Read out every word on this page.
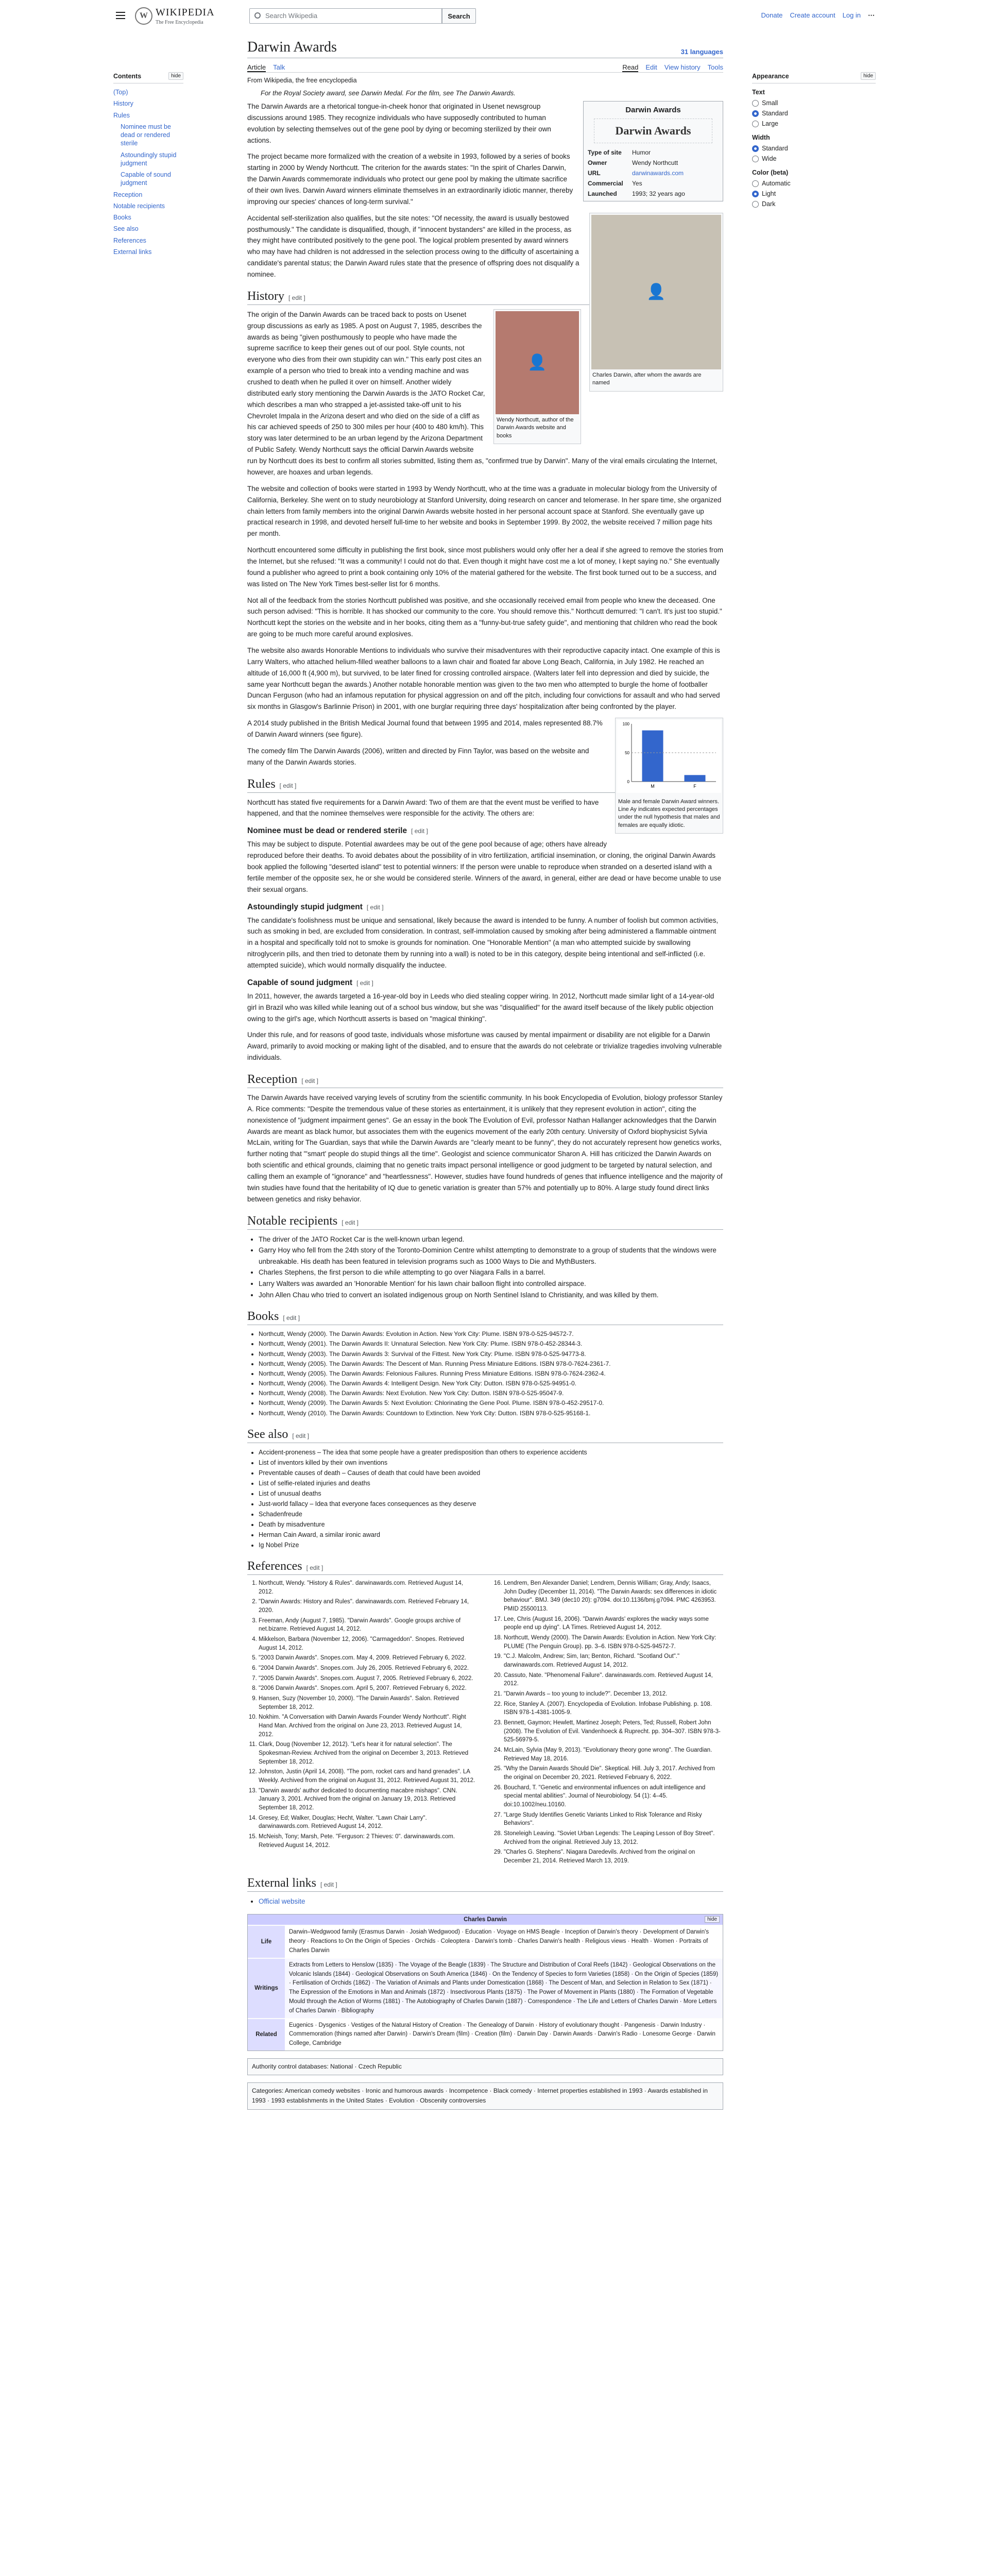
W WIKIPEDIA
The Free Encyclopedia
Search Wikipedia	Search	Donate Create account Log in ⋯
Contents	hide
(Top)
History
Rules
Nominee must be dead or rendered sterile
Astoundingly stupid judgment
Capable of sound judgment
Reception
Notable recipients
Books
See also
References
External links
Appearance	hide
Text
Small
Standard
Large
Width
Standard
Wide
Color (beta)
Automatic
Light
Dark
Darwin Awards	31 languages
Article Talk	Read Edit View history Tools
From Wikipedia, the free encyclopedia
For the Royal Society award, see Darwin Medal. For the film, see The Darwin Awards.
Darwin Awards
Darwin Awards
Type of site	Humor
Owner	Wendy Northcutt
URL	darwinawards.com
Commercial	Yes
Launched	1993; 32 years ago

The Darwin Awards are a rhetorical tongue-in-cheek honor that originated in Usenet newsgroup discussions around 1985. They recognize individuals who have supposedly contributed to human evolution by selecting themselves out of the gene pool by dying or becoming sterilized by their own actions.

The project became more formalized with the creation of a website in 1993, followed by a series of books starting in 2000 by Wendy Northcutt. The criterion for the awards states: "In the spirit of Charles Darwin, the Darwin Awards commemorate individuals who protect our gene pool by making the ultimate sacrifice of their own lives. Darwin Award winners eliminate themselves in an extraordinarily idiotic manner, thereby improving our species' chances of long-term survival."

👤
Charles Darwin, after whom the awards are named

Accidental self-sterilization also qualifies, but the site notes: "Of necessity, the award is usually bestowed posthumously." The candidate is disqualified, though, if "innocent bystanders" are killed in the process, as they might have contributed positively to the gene pool. The logical problem presented by award winners who may have had children is not addressed in the selection process owing to the difficulty of ascertaining a candidate's parental status; the Darwin Award rules state that the presence of offspring does not disqualify a nominee.

History [ edit ]
👤
Wendy Northcutt, author of the Darwin Awards website and books

The origin of the Darwin Awards can be traced back to posts on Usenet group discussions as early as 1985. A post on August 7, 1985, describes the awards as being "given posthumously to people who have made the supreme sacrifice to keep their genes out of our pool. Style counts, not everyone who dies from their own stupidity can win." This early post cites an example of a person who tried to break into a vending machine and was crushed to death when he pulled it over on himself. Another widely distributed early story mentioning the Darwin Awards is the JATO Rocket Car, which describes a man who strapped a jet-assisted take-off unit to his Chevrolet Impala in the Arizona desert and who died on the side of a cliff as his car achieved speeds of 250 to 300 miles per hour (400 to 480 km/h). This story was later determined to be an urban legend by the Arizona Department of Public Safety. Wendy Northcutt says the official Darwin Awards website run by Northcutt does its best to confirm all stories submitted, listing them as, "confirmed true by Darwin". Many of the viral emails circulating the Internet, however, are hoaxes and urban legends.

The website and collection of books were started in 1993 by Wendy Northcutt, who at the time was a graduate in molecular biology from the University of California, Berkeley. She went on to study neurobiology at Stanford University, doing research on cancer and telomerase. In her spare time, she organized chain letters from family members into the original Darwin Awards website hosted in her personal account space at Stanford. She eventually gave up practical research in 1998, and devoted herself full-time to her website and books in September 1999. By 2002, the website received 7 million page hits per month.

Northcutt encountered some difficulty in publishing the first book, since most publishers would only offer her a deal if she agreed to remove the stories from the Internet, but she refused: "It was a community! I could not do that. Even though it might have cost me a lot of money, I kept saying no." She eventually found a publisher who agreed to print a book containing only 10% of the material gathered for the website. The first book turned out to be a success, and was listed on The New York Times best-seller list for 6 months.

Not all of the feedback from the stories Northcutt published was positive, and she occasionally received email from people who knew the deceased. One such person advised: "This is horrible. It has shocked our community to the core. You should remove this." Northcutt demurred: "I can't. It's just too stupid." Northcutt kept the stories on the website and in her books, citing them as a "funny-but-true safety guide", and mentioning that children who read the book are going to be much more careful around explosives.

The website also awards Honorable Mentions to individuals who survive their misadventures with their reproductive capacity intact. One example of this is Larry Walters, who attached helium-filled weather balloons to a lawn chair and floated far above Long Beach, California, in July 1982. He reached an altitude of 16,000 ft (4,900 m), but survived, to be later fined for crossing controlled airspace. (Walters later fell into depression and died by suicide, the same year Northcutt began the awards.) Another notable honorable mention was given to the two men who attempted to burgle the home of footballer Duncan Ferguson (who had an infamous reputation for physical aggression on and off the pitch, including four convictions for assault and who had served six months in Glasgow's Barlinnie Prison) in 2001, with one burglar requiring three days' hospitalization after being confronted by the player.

0
50
100
M	F
Male and female Darwin Award winners. Line Ay indicates expected percentages under the null hypothesis that males and females are equally idiotic.

A 2014 study published in the British Medical Journal found that between 1995 and 2014, males represented 88.7% of Darwin Award winners (see figure).

The comedy film The Darwin Awards (2006), written and directed by Finn Taylor, was based on the website and many of the Darwin Awards stories.

Rules [ edit ]

Northcutt has stated five requirements for a Darwin Award: Two of them are that the event must be verified to have happened, and that the nominee themselves were responsible for the activity. The others are:

Nominee must be dead or rendered sterile [ edit ]

This may be subject to dispute. Potential awardees may be out of the gene pool because of age; others have already reproduced before their deaths. To avoid debates about the possibility of in vitro fertilization, artificial insemination, or cloning, the original Darwin Awards book applied the following "deserted island" test to potential winners: If the person were unable to reproduce when stranded on a deserted island with a fertile member of the opposite sex, he or she would be considered sterile. Winners of the award, in general, either are dead or have become unable to use their sexual organs.

Astoundingly stupid judgment [ edit ]

The candidate's foolishness must be unique and sensational, likely because the award is intended to be funny. A number of foolish but common activities, such as smoking in bed, are excluded from consideration. In contrast, self-immolation caused by smoking after being administered a flammable ointment in a hospital and specifically told not to smoke is grounds for nomination. One "Honorable Mention" (a man who attempted suicide by swallowing nitroglycerin pills, and then tried to detonate them by running into a wall) is noted to be in this category, despite being intentional and self-inflicted (i.e. attempted suicide), which would normally disqualify the inductee.

Capable of sound judgment [ edit ]

In 2011, however, the awards targeted a 16-year-old boy in Leeds who died stealing copper wiring. In 2012, Northcutt made similar light of a 14-year-old girl in Brazil who was killed while leaning out of a school bus window, but she was "disqualified" for the award itself because of the likely public objection owing to the girl's age, which Northcutt asserts is based on "magical thinking".

Under this rule, and for reasons of good taste, individuals whose misfortune was caused by mental impairment or disability are not eligible for a Darwin Award, primarily to avoid mocking or making light of the disabled, and to ensure that the awards do not celebrate or trivialize tragedies involving vulnerable individuals.

Reception [ edit ]

The Darwin Awards have received varying levels of scrutiny from the scientific community. In his book Encyclopedia of Evolution, biology professor Stanley A. Rice comments: "Despite the tremendous value of these stories as entertainment, it is unlikely that they represent evolution in action", citing the nonexistence of "judgment impairment genes". Ge an essay in the book The Evolution of Evil, professor Nathan Hallanger acknowledges that the Darwin Awards are meant as black humor, but associates them with the eugenics movement of the early 20th century. University of Oxford biophysicist Sylvia McLain, writing for The Guardian, says that while the Darwin Awards are "clearly meant to be funny", they do not accurately represent how genetics works, further noting that "'smart' people do stupid things all the time". Geologist and science communicator Sharon A. Hill has criticized the Darwin Awards on both scientific and ethical grounds, claiming that no genetic traits impact personal intelligence or good judgment to be targeted by natural selection, and calling them an example of "ignorance" and "heartlessness". However, studies have found hundreds of genes that influence intelligence and the majority of twin studies have found that the heritability of IQ due to genetic variation is greater than 57% and potentially up to 80%. A large study found direct links between genetics and risky behavior.

Notable recipients [ edit ]
• The driver of the JATO Rocket Car is the well-known urban legend.
• Garry Hoy who fell from the 24th story of the Toronto-Dominion Centre whilst attempting to demonstrate to a group of students that the windows were unbreakable. His death has been featured in television programs such as 1000 Ways to Die and MythBusters.
• Charles Stephens, the first person to die while attempting to go over Niagara Falls in a barrel.
• Larry Walters was awarded an 'Honorable Mention' for his lawn chair balloon flight into controlled airspace.
• John Allen Chau who tried to convert an isolated indigenous group on North Sentinel Island to Christianity, and was killed by them.
Books [ edit ]
• Northcutt, Wendy (2000). The Darwin Awards: Evolution in Action. New York City: Plume. ISBN 978-0-525-94572-7.
• Northcutt, Wendy (2001). The Darwin Awards II: Unnatural Selection. New York City: Plume. ISBN 978-0-452-28344-3.
• Northcutt, Wendy (2003). The Darwin Awards 3: Survival of the Fittest. New York City: Plume. ISBN 978-0-525-94773-8.
• Northcutt, Wendy (2005). The Darwin Awards: The Descent of Man. Running Press Miniature Editions. ISBN 978-0-7624-2361-7.
• Northcutt, Wendy (2005). The Darwin Awards: Felonious Failures. Running Press Miniature Editions. ISBN 978-0-7624-2362-4.
• Northcutt, Wendy (2006). The Darwin Awards 4: Intelligent Design. New York City: Dutton. ISBN 978-0-525-94951-0.
• Northcutt, Wendy (2008). The Darwin Awards: Next Evolution. New York City: Dutton. ISBN 978-0-525-95047-9.
• Northcutt, Wendy (2009). The Darwin Awards 5: Next Evolution: Chlorinating the Gene Pool. Plume. ISBN 978-0-452-29517-0.
• Northcutt, Wendy (2010). The Darwin Awards: Countdown to Extinction. New York City: Dutton. ISBN 978-0-525-95168-1.
See also [ edit ]
• Accident-proneness – The idea that some people have a greater predisposition than others to experience accidents
• List of inventors killed by their own inventions
• Preventable causes of death – Causes of death that could have been avoided
• List of selfie-related injuries and deaths
• List of unusual deaths
• Just-world fallacy – Idea that everyone faces consequences as they deserve
• Schadenfreude
• Death by misadventure
• Herman Cain Award, a similar ironic award
• Ig Nobel Prize
References [ edit ]
1. Northcutt, Wendy. "History & Rules". darwinawards.com. Retrieved August 14, 2012.
2. "Darwin Awards: History and Rules". darwinawards.com. Retrieved February 14, 2020.
3. Freeman, Andy (August 7, 1985). "Darwin Awards". Google groups archive of net.bizarre. Retrieved August 14, 2012.
4. Mikkelson, Barbara (November 12, 2006). "Carmageddon". Snopes. Retrieved August 14, 2012.
5. "2003 Darwin Awards". Snopes.com. May 4, 2009. Retrieved February 6, 2022.
6. "2004 Darwin Awards". Snopes.com. July 26, 2005. Retrieved February 6, 2022.
7. "2005 Darwin Awards". Snopes.com. August 7, 2005. Retrieved February 6, 2022.
8. "2006 Darwin Awards". Snopes.com. April 5, 2007. Retrieved February 6, 2022.
9. Hansen, Suzy (November 10, 2000). "The Darwin Awards". Salon. Retrieved September 18, 2012.
10. Nokhim. "A Conversation with Darwin Awards Founder Wendy Northcutt". Right Hand Man. Archived from the original on June 23, 2013. Retrieved August 14, 2012.
11. Clark, Doug (November 12, 2012). "Let's hear it for natural selection". The Spokesman-Review. Archived from the original on December 3, 2013. Retrieved September 18, 2012.
12. Johnston, Justin (April 14, 2008). "The porn, rocket cars and hand grenades". LA Weekly. Archived from the original on August 31, 2012. Retrieved August 31, 2012.
13. "Darwin awards' author dedicated to documenting macabre mishaps". CNN. January 3, 2001. Archived from the original on January 19, 2013. Retrieved September 18, 2012.
14. Gresey, Ed; Walker, Douglas; Hecht, Walter. "Lawn Chair Larry". darwinawards.com. Retrieved August 14, 2012.
15. McNeish, Tony; Marsh, Pete. "Ferguson: 2 Thieves: 0". darwinawards.com. Retrieved August 14, 2012.
16. Lendrem, Ben Alexander Daniel; Lendrem, Dennis William; Gray, Andy; Isaacs, John Dudley (December 11, 2014). "The Darwin Awards: sex differences in idiotic behaviour". BMJ. 349 (dec10 20): g7094. doi:10.1136/bmj.g7094. PMC 4263953. PMID 25500113.
17. Lee, Chris (August 16, 2006). "Darwin Awards' explores the wacky ways some people end up dying". LA Times. Retrieved August 14, 2012.
18. Northcutt, Wendy (2000). The Darwin Awards: Evolution in Action. New York City: PLUME (The Penguin Group). pp. 3–6. ISBN 978-0-525-94572-7.
19. "C.J. Malcolm, Andrew; Sim, Ian; Benton, Richard. "Scotland Out"." darwinawards.com. Retrieved August 14, 2012.
20. Cassuto, Nate. "Phenomenal Failure". darwinawards.com. Retrieved August 14, 2012.
21. "Darwin Awards – too young to include?". December 13, 2012.
22. Rice, Stanley A. (2007). Encyclopedia of Evolution. Infobase Publishing. p. 108. ISBN 978-1-4381-1005-9.
23. Bennett, Gaymon; Hewlett, Martinez Joseph; Peters, Ted; Russell, Robert John (2008). The Evolution of Evil. Vandenhoeck & Ruprecht. pp. 304–307. ISBN 978-3-525-56979-5.
24. McLain, Sylvia (May 9, 2013). "Evolutionary theory gone wrong". The Guardian. Retrieved May 18, 2016.
25. "Why the Darwin Awards Should Die". Skeptical. Hill. July 3, 2017. Archived from the original on December 20, 2021. Retrieved February 6, 2022.
26. Bouchard, T. "Genetic and environmental influences on adult intelligence and special mental abilities". Journal of Neurobiology. 54 (1): 4–45. doi:10.1002/neu.10160.
27. "Large Study Identifies Genetic Variants Linked to Risk Tolerance and Risky Behaviors".
28. Stoneleigh Leaving. "Soviet Urban Legends: The Leaping Lesson of Boy Street". Archived from the original. Retrieved July 13, 2012.
29. "Charles G. Stephens". Niagara Daredevils. Archived from the original on December 21, 2014. Retrieved March 13, 2019.
External links [ edit ]
• Official website
Charles Darwin	hide
Life
Darwin–Wedgwood family (Erasmus Darwin · Josiah Wedgwood) · Education · Voyage on HMS Beagle · Inception of Darwin's theory · Development of Darwin's theory · Reactions to On the Origin of Species · Orchids · Coleoptera · Darwin's tomb · Charles Darwin's health · Religious views · Health · Women · Portraits of Charles Darwin
Writings
Extracts from Letters to Henslow (1835) · The Voyage of the Beagle (1839) · The Structure and Distribution of Coral Reefs (1842) · Geological Observations on the Volcanic Islands (1844) · Geological Observations on South America (1846) · On the Tendency of Species to form Varieties (1858) · On the Origin of Species (1859) · Fertilisation of Orchids (1862) · The Variation of Animals and Plants under Domestication (1868) · The Descent of Man, and Selection in Relation to Sex (1871) · The Expression of the Emotions in Man and Animals (1872) · Insectivorous Plants (1875) · The Power of Movement in Plants (1880) · The Formation of Vegetable Mould through the Action of Worms (1881) · The Autobiography of Charles Darwin (1887) · Correspondence · The Life and Letters of Charles Darwin · More Letters of Charles Darwin · Bibliography
Related
Eugenics · Dysgenics · Vestiges of the Natural History of Creation · The Genealogy of Darwin · History of evolutionary thought · Pangenesis · Darwin Industry · Commemoration (things named after Darwin) · Darwin's Dream (film) · Creation (film) · Darwin Day · Darwin Awards · Darwin's Radio · Lonesome George · Darwin College, Cambridge
Authority control databases: National · Czech Republic
Categories: American comedy websites · Ironic and humorous awards · Incompetence · Black comedy · Internet properties established in 1993 · Awards established in 1993 · 1993 establishments in the United States · Evolution · Obscenity controversies
